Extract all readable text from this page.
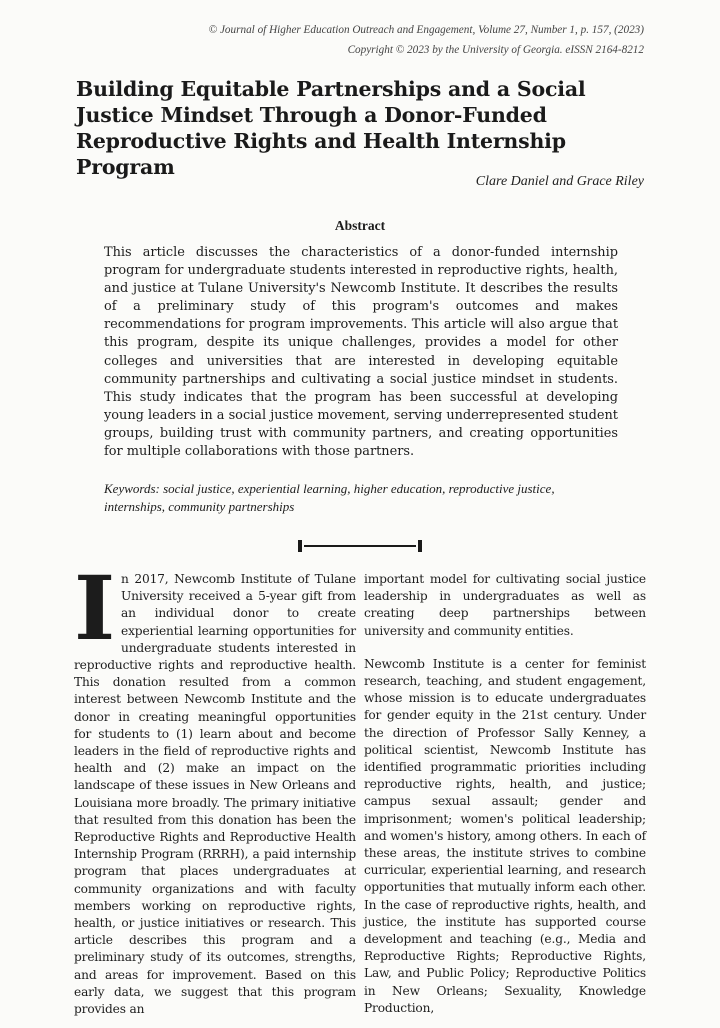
© Journal of Higher Education Outreach and Engagement, Volume 27, Number 1, p. 157, (2023)
Copyright © 2023 by the University of Georgia. eISSN 2164-8212
Building Equitable Partnerships and a Social Justice Mindset Through a Donor-Funded Reproductive Rights and Health Internship Program
Clare Daniel and Grace Riley
Abstract

This article discusses the characteristics of a donor-funded internship program for undergraduate students interested in reproductive rights, health, and justice at Tulane University's Newcomb Institute. It describes the results of a preliminary study of this program's outcomes and makes recommendations for program improvements. This article will also argue that this program, despite its unique challenges, provides a model for other colleges and universities that are interested in developing equitable community partnerships and cultivating a social justice mindset in students. This study indicates that the program has been successful at developing young leaders in a social justice movement, serving underrepresented student groups, building trust with community partners, and creating opportunities for multiple collaborations with those partners.

Keywords: social justice, experiential learning, higher education, reproductive justice, internships, community partnerships

In 2017, Newcomb Institute of Tulane University received a 5-year gift from an individual donor to create experiential learning opportunities for undergraduate students interested in reproductive rights and reproductive health. This donation resulted from a common interest between Newcomb Institute and the donor in creating meaningful opportunities for students to (1) learn about and become leaders in the field of reproductive rights and health and (2) make an impact on the landscape of these issues in New Orleans and Louisiana more broadly. The primary initiative that resulted from this donation has been the Reproductive Rights and Reproductive Health Internship Program (RRRH), a paid internship program that places undergraduates at community organizations and with faculty members working on reproductive rights, health, or justice initiatives or research. This article describes this program and a preliminary study of its outcomes, strengths, and areas for improvement. Based on this early data, we suggest that this program provides an

important model for cultivating social justice leadership in undergraduates as well as creating deep partnerships between university and community entities.

Newcomb Institute is a center for feminist research, teaching, and student engagement, whose mission is to educate undergraduates for gender equity in the 21st century. Under the direction of Professor Sally Kenney, a political scientist, Newcomb Institute has identified programmatic priorities including reproductive rights, health, and justice; campus sexual assault; gender and imprisonment; women's political leadership; and women's history, among others. In each of these areas, the institute strives to combine curricular, experiential learning, and research opportunities that mutually inform each other. In the case of reproductive rights, health, and justice, the institute has supported course development and teaching (e.g., Media and Reproductive Rights; Reproductive Rights, Law, and Public Policy; Reproductive Politics in New Orleans; Sexuality, Knowledge Production,
